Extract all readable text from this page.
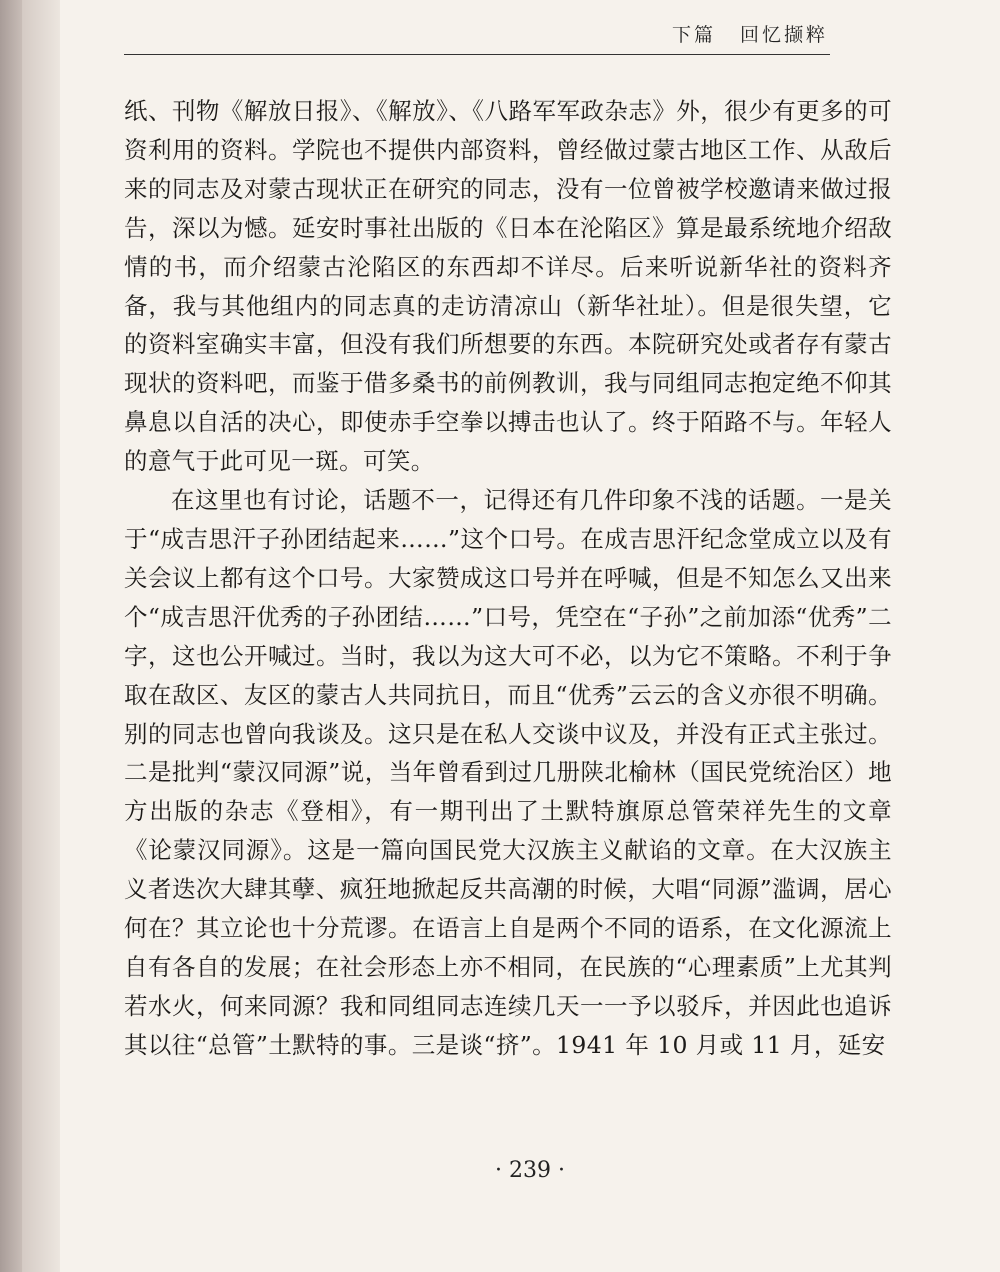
下篇 回忆撷粹

纸、刊物《解放日报》、《解放》、《八路军军政杂志》外，很少有更多的可资利用的资料。学院也不提供内部资料，曾经做过蒙古地区工作、从敌后来的同志及对蒙古现状正在研究的同志，没有一位曾被学校邀请来做过报告，深以为憾。延安时事社出版的《日本在沦陷区》算是最系统地介绍敌情的书，而介绍蒙古沦陷区的东西却不详尽。后来听说新华社的资料齐备，我与其他组内的同志真的走访清凉山（新华社址）。但是很失望，它的资料室确实丰富，但没有我们所想要的东西。本院研究处或者存有蒙古现状的资料吧，而鉴于借多桑书的前例教训，我与同组同志抱定绝不仰其鼻息以自活的决心，即使赤手空拳以搏击也认了。终于陌路不与。年轻人的意气于此可见一斑。可笑。

在这里也有讨论，话题不一，记得还有几件印象不浅的话题。一是关于“成吉思汗子孙团结起来……”这个口号。在成吉思汗纪念堂成立以及有关会议上都有这个口号。大家赞成这口号并在呼喊，但是不知怎么又出来个“成吉思汗优秀的子孙团结……”口号，凭空在“子孙”之前加添“优秀”二字，这也公开喊过。当时，我以为这大可不必，以为它不策略。不利于争取在敌区、友区的蒙古人共同抗日，而且“优秀”云云的含义亦很不明确。别的同志也曾向我谈及。这只是在私人交谈中议及，并没有正式主张过。二是批判“蒙汉同源”说，当年曾看到过几册陕北榆林（国民党统治区）地方出版的杂志《登相》，有一期刊出了土默特旗原总管荣祥先生的文章《论蒙汉同源》。这是一篇向国民党大汉族主义献谄的文章。在大汉族主义者迭次大肆其孽、疯狂地掀起反共高潮的时候，大唱“同源”滥调，居心何在？其立论也十分荒谬。在语言上自是两个不同的语系，在文化源流上自有各自的发展；在社会形态上亦不相同，在民族的“心理素质”上尤其判若水火，何来同源？我和同组同志连续几天一一予以驳斥，并因此也追诉其以往“总管”土默特的事。三是谈“挤”。1941 年 10 月或 11 月，延安

· 239 ·
